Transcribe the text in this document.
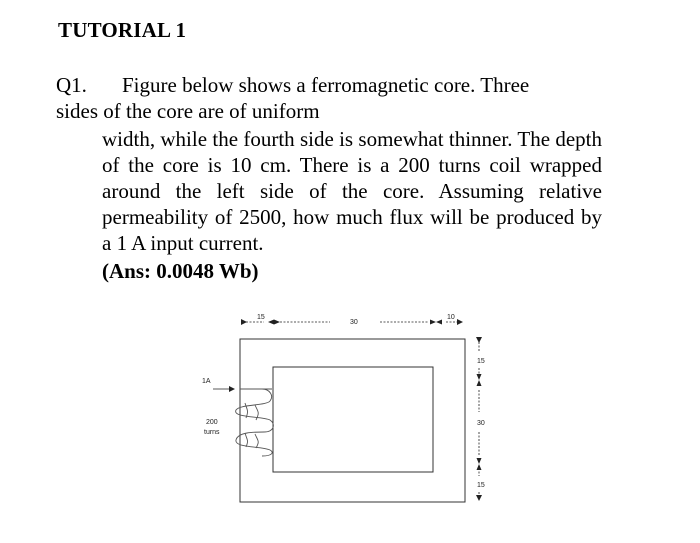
TUTORIAL 1
Q1. Figure below shows a ferromagnetic core. Three
sides of the core are of uniform
width, while the fourth side is somewhat thinner. The depth of the core is 10 cm. There is a 200 turns coil wrapped around the left side of the core. Assuming relative permeability of 2500, how much flux will be produced by a 1 A input current.
(Ans: 0.0048 Wb)
15
30
10
15
30
15
1A
200
turns
